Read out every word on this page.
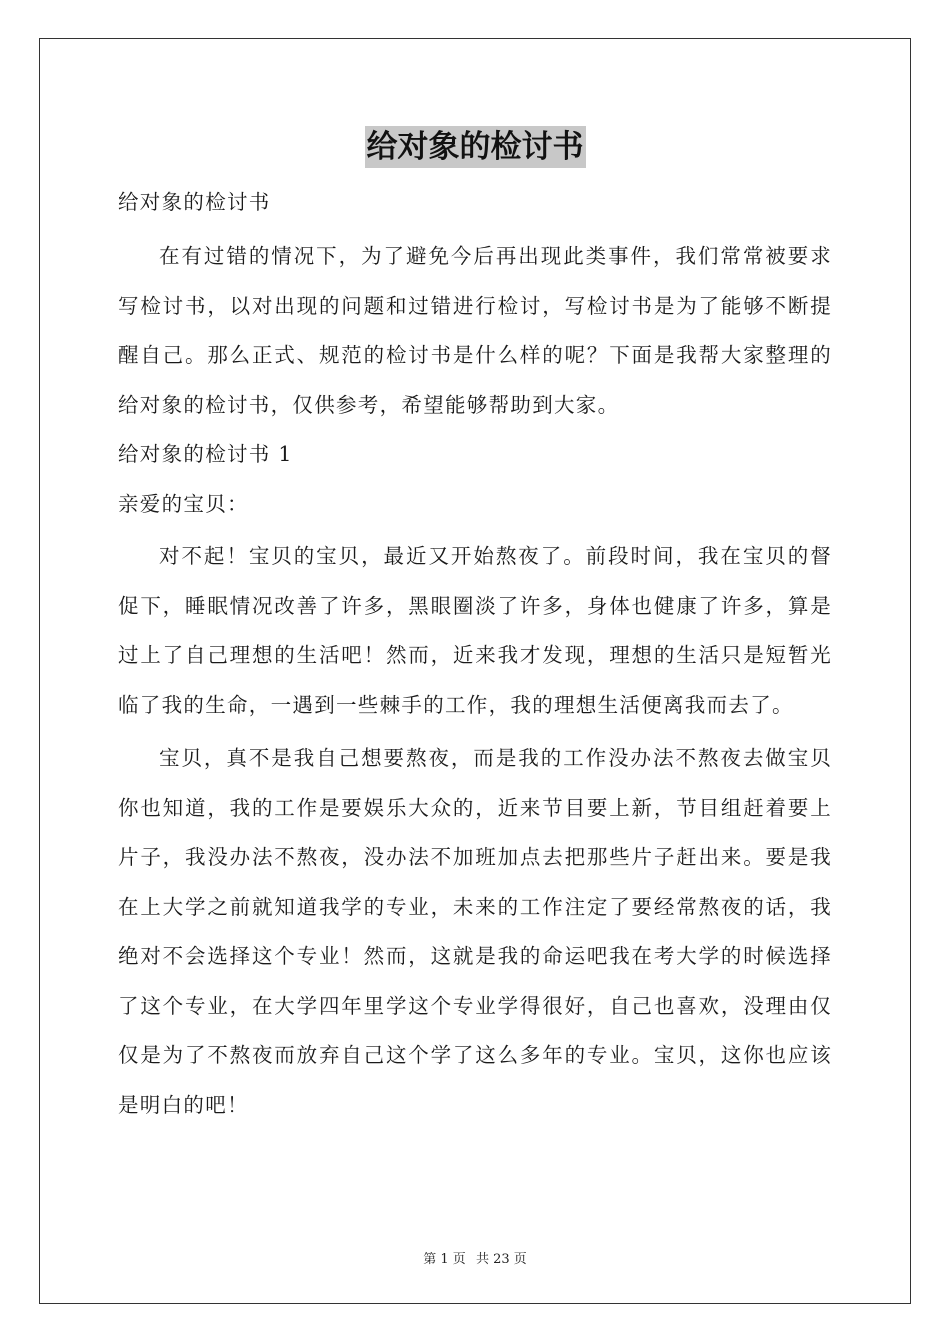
给对象的检讨书
给对象的检讨书

在有过错的情况下，为了避免今后再出现此类事件，我们常常被要求写检讨书，以对出现的问题和过错进行检讨，写检讨书是为了能够不断提醒自己。那么正式、规范的检讨书是什么样的呢？下面是我帮大家整理的给对象的检讨书，仅供参考，希望能够帮助到大家。

给对象的检讨书 1
亲爱的宝贝：

对不起！宝贝的宝贝，最近又开始熬夜了。前段时间，我在宝贝的督促下，睡眠情况改善了许多，黑眼圈淡了许多，身体也健康了许多，算是过上了自己理想的生活吧！然而，近来我才发现，理想的生活只是短暂光临了我的生命，一遇到一些棘手的工作，我的理想生活便离我而去了。

宝贝，真不是我自己想要熬夜，而是我的工作没办法不熬夜去做宝贝你也知道，我的工作是要娱乐大众的，近来节目要上新，节目组赶着要上片子，我没办法不熬夜，没办法不加班加点去把那些片子赶出来。要是我在上大学之前就知道我学的专业，未来的工作注定了要经常熬夜的话，我绝对不会选择这个专业！然而，这就是我的命运吧我在考大学的时候选择了这个专业，在大学四年里学这个专业学得很好，自己也喜欢，没理由仅仅是为了不熬夜而放弃自己这个学了这么多年的专业。宝贝，这你也应该是明白的吧！

第 1 页 共 23 页
